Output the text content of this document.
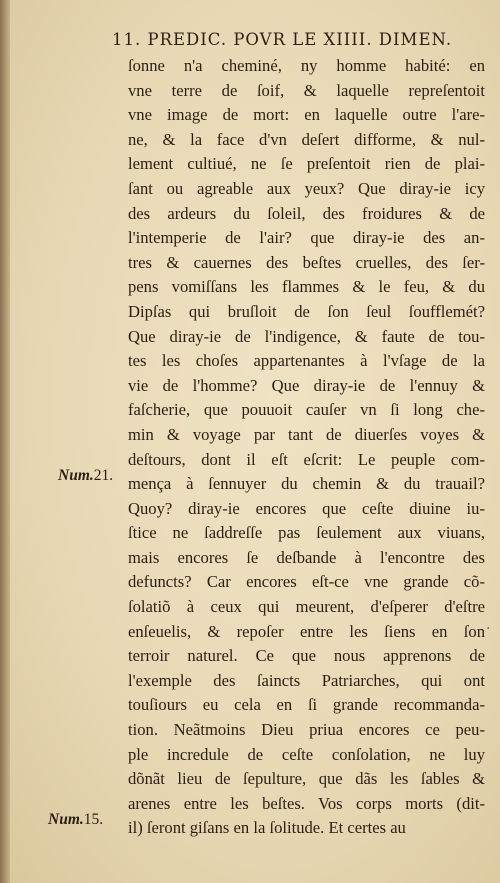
11. PREDIC. POVR LE XIIII. DIMEN.
ſonne n'a cheminé, ny homme habité: en
vne terre de ſoif, & laquelle repreſentoit
vne image de mort: en laquelle outre l'are-
ne, & la face d'vn deſert difforme, & nul-
lement cultiué, ne ſe preſentoit rien de plai-
ſant ou agreable aux yeux? Que diray-ie icy
des ardeurs du ſoleil, des froidures & de
l'intemperie de l'air? que diray-ie des an-
tres & cauernes des beſtes cruelles, des ſer-
pens vomiſſans les flammes & le feu, & du
Dipſas qui bruſloit de ſon ſeul ſoufflemét?
Que diray-ie de l'indigence, & faute de tou-
tes les choſes appartenantes à l'vſage de la
vie de l'homme? Que diray-ie de l'ennuy &
faſcherie, que pouuoit cauſer vn ſi long che-
min & voyage par tant de diuerſes voyes &
deſtours, dont il eſt eſcrit: Le peuple com-
mença à ſennuyer du chemin & du trauail?
Quoy? diray-ie encores que ceſte diuine iu-
ſtice ne ſaddreſſe pas ſeulement aux viuans,
mais encores ſe deſbande à l'encontre des
defuncts? Car encores eſt-ce vne grande cõ-
ſolatiõ à ceux qui meurent, d'eſperer d'eſtre
enſeuelis, & repoſer entre les ſiens en ſon
terroir naturel. Ce que nous apprenons de
l'exemple des ſaincts Patriarches, qui ont
touſiours eu cela en ſi grande recommanda-
tion. Neãtmoins Dieu priua encores ce peu-
ple incredule de ceſte conſolation, ne luy
dõnãt lieu de ſepulture, que dãs les ſables &
arenes entre les beſtes. Vos corps morts (dit-
il) ſeront giſans en la ſolitude. Et certes au
Num.21.
Num.15.
·
